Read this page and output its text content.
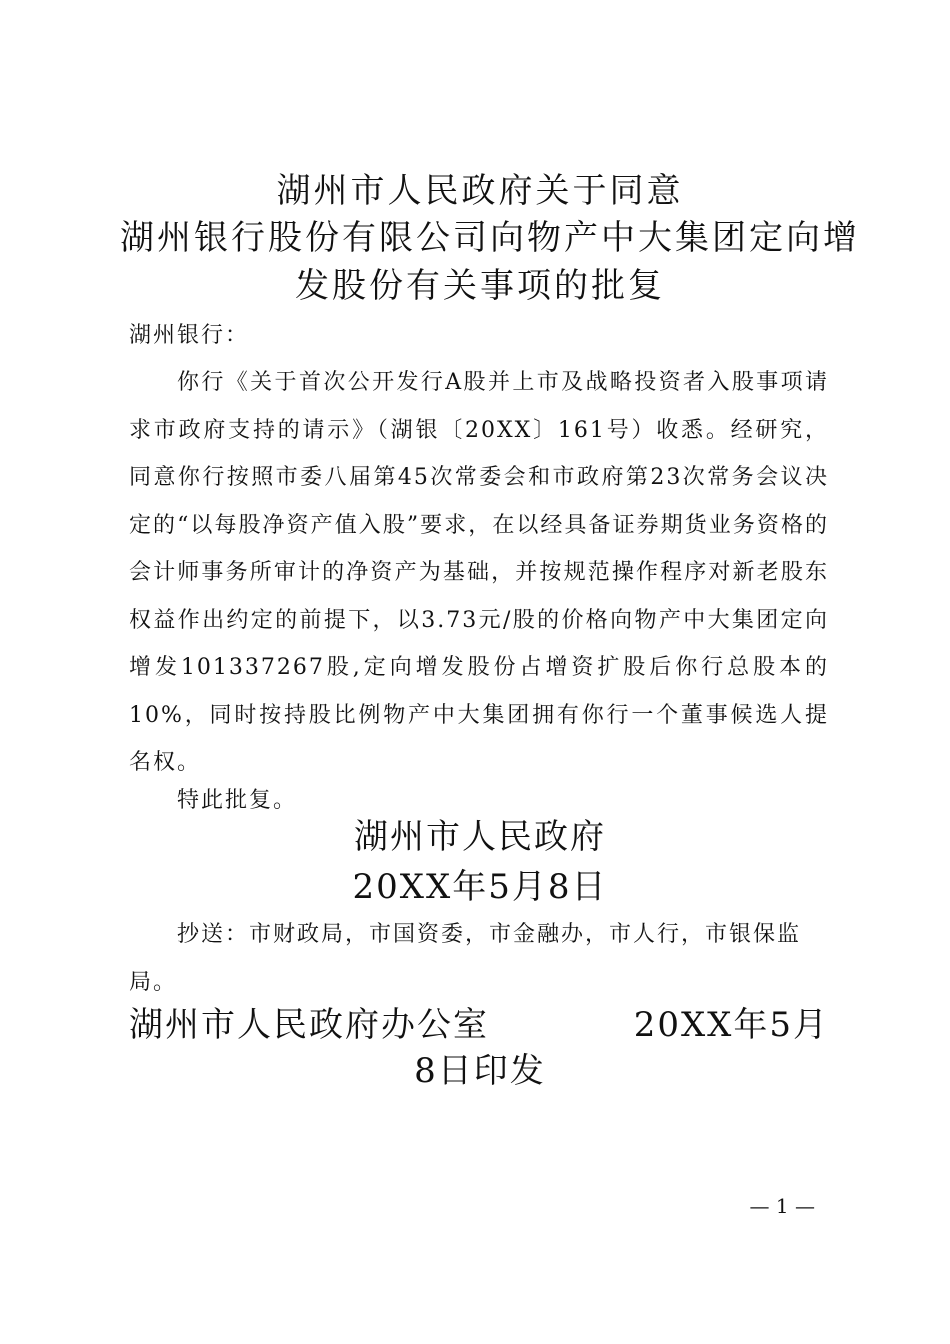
湖州市人民政府关于同意
湖州银行股份有限公司向物产中大集团定向增
发股份有关事项的批复
湖州银行：
你行《关于首次公开发行A股并上市及战略投资者入股事项请求市政府支持的请示》（湖银〔20XX〕161号）收悉。经研究，同意你行按照市委八届第45次常委会和市政府第23次常务会议决定的“以每股净资产值入股”要求，在以经具备证券期货业务资格的会计师事务所审计的净资产为基础，并按规范操作程序对新老股东权益作出约定的前提下，以3.73元/股的价格向物产中大集团定向增发101337267股,定向增发股份占增资扩股后你行总股本的10%，同时按持股比例物产中大集团拥有你行一个董事候选人提名权。
特此批复。
湖州市人民政府
20XX年5月8日
抄送：市财政局，市国资委，市金融办，市人行，市银保监局。
湖州市人民政府办公室	20XX年5月
8日印发
— 1 —
